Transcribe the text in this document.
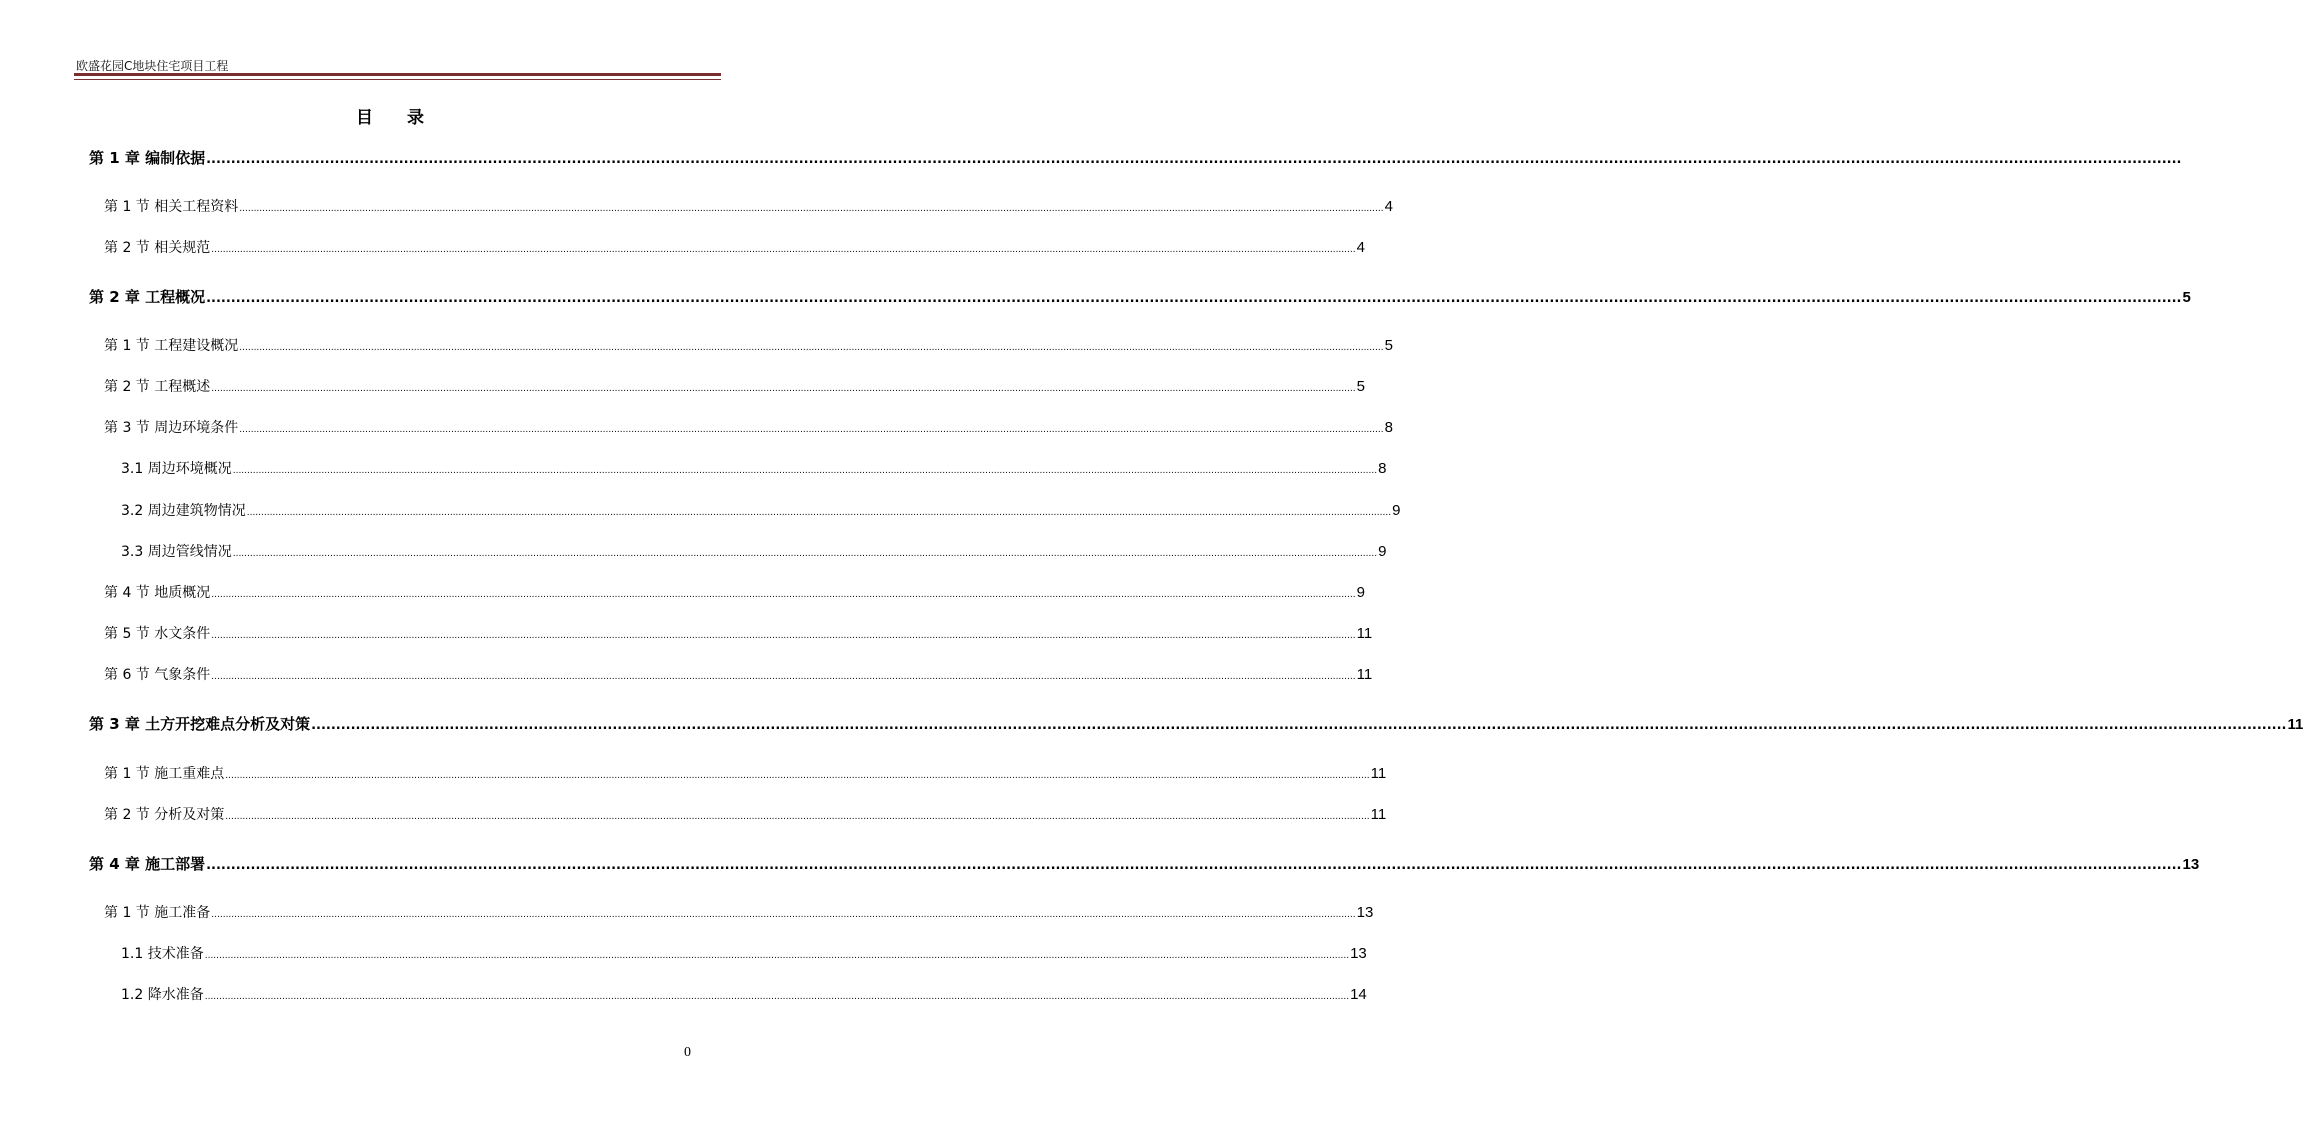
欧盛花园C地块住宅项目工程
目 录
第 1 章 编制依据 ................................................................................................................................................................................................................................................................................................................................................................................................................
第 1 节 相关工程资料 ................................................................................................................................................................................................................................................................................................................................................................................................................ 4
第 2 节 相关规范 ................................................................................................................................................................................................................................................................................................................................................................................................................ 4
第 2 章 工程概况 ................................................................................................................................................................................................................................................................................................................................................................................................................ 5
第 1 节 工程建设概况 ................................................................................................................................................................................................................................................................................................................................................................................................................ 5
第 2 节 工程概述 ................................................................................................................................................................................................................................................................................................................................................................................................................ 5
第 3 节 周边环境条件 ................................................................................................................................................................................................................................................................................................................................................................................................................ 8
3.1 周边环境概况 ................................................................................................................................................................................................................................................................................................................................................................................................................ 8
3.2 周边建筑物情况 ................................................................................................................................................................................................................................................................................................................................................................................................................ 9
3.3 周边管线情况 ................................................................................................................................................................................................................................................................................................................................................................................................................ 9
第 4 节 地质概况 ................................................................................................................................................................................................................................................................................................................................................................................................................ 9
第 5 节 水文条件 ................................................................................................................................................................................................................................................................................................................................................................................................................ 11
第 6 节 气象条件 ................................................................................................................................................................................................................................................................................................................................................................................................................ 11
第 3 章 土方开挖难点分析及对策 ................................................................................................................................................................................................................................................................................................................................................................................................................ 11
第 1 节 施工重难点 ................................................................................................................................................................................................................................................................................................................................................................................................................ 11
第 2 节 分析及对策 ................................................................................................................................................................................................................................................................................................................................................................................................................ 11
第 4 章 施工部署 ................................................................................................................................................................................................................................................................................................................................................................................................................ 13
第 1 节 施工准备 ................................................................................................................................................................................................................................................................................................................................................................................................................ 13
1.1 技术准备 ................................................................................................................................................................................................................................................................................................................................................................................................................ 13
1.2 降水准备 ................................................................................................................................................................................................................................................................................................................................................................................................................ 14
0
